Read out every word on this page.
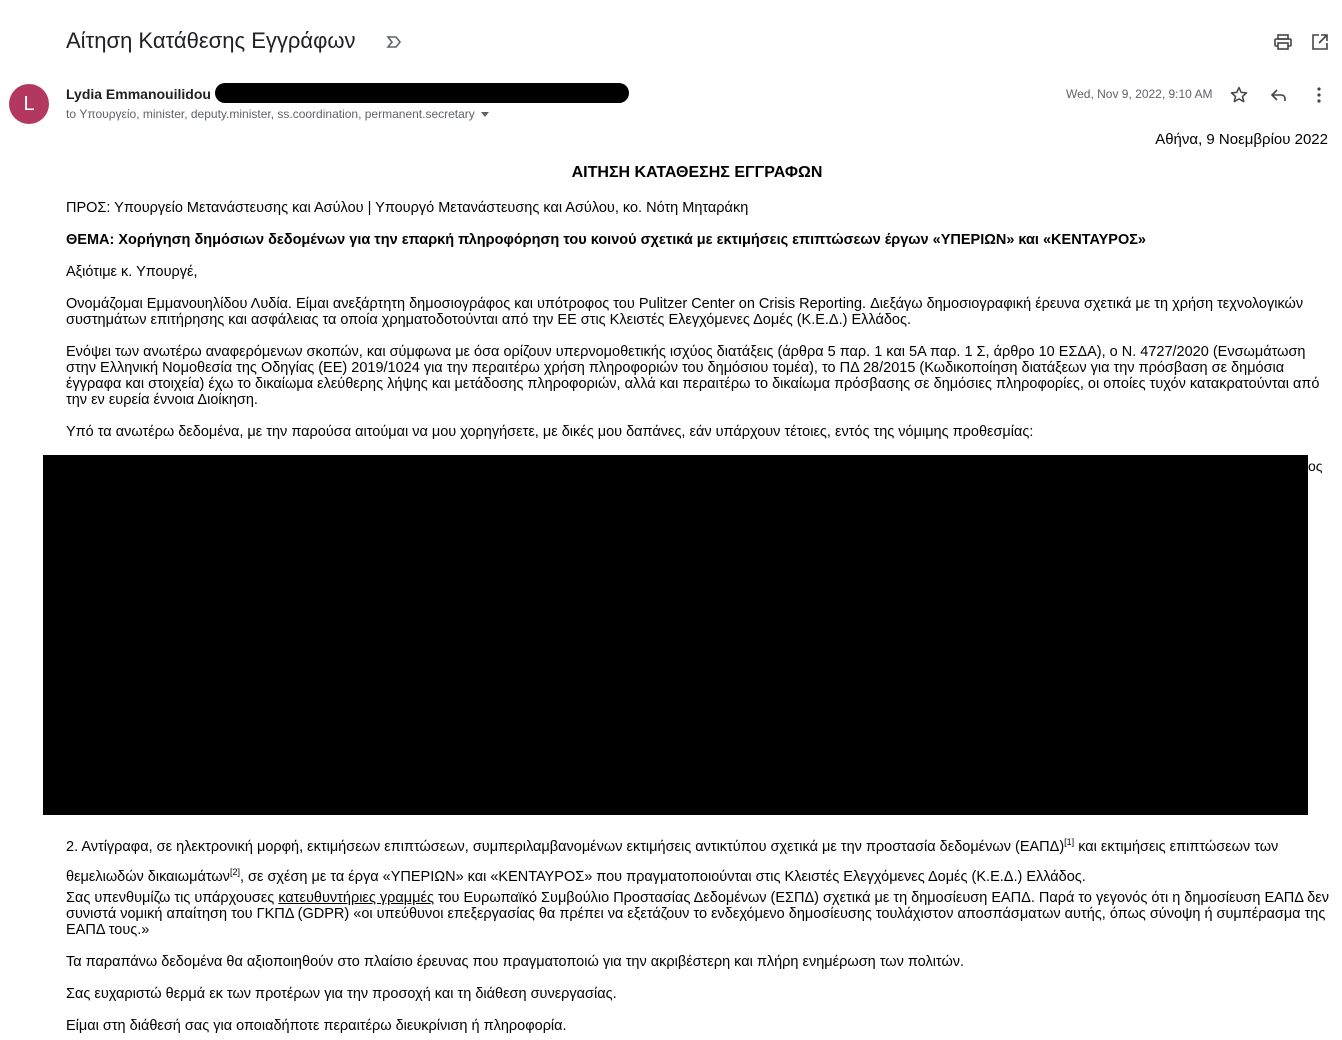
Αίτηση Κατάθεσης Εγγράφων
L	Lydia Emmanouilidou
to Υπουργείο, minister, deputy.minister, ss.coordination, permanent.secretary
Wed, Nov 9, 2022, 9:10 AM
Αθήνα, 9 Νοεμβρίου 2022
ΑΙΤΗΣΗ ΚΑΤΑΘΕΣΗΣ ΕΓΓΡΑΦΩΝ
ΠΡΟΣ: Υπουργείο Μετανάστευσης και Ασύλου | Υπουργό Μετανάστευσης και Ασύλου, κο. Νότη Μηταράκη
ΘΕΜΑ: Χορήγηση δημόσιων δεδομένων για την επαρκή πληροφόρηση του κοινού σχετικά με εκτιμήσεις επιπτώσεων έργων «ΥΠΕΡΙΩΝ» και «ΚΕΝΤΑΥΡΟΣ»
Αξιότιμε κ. Υπουργέ,
Ονομάζομαι Εμμανουηλίδου Λυδία. Είμαι ανεξάρτητη δημοσιογράφος και υπότροφος του Pulitzer Center on Crisis Reporting. Διεξάγω δημοσιογραφική έρευνα σχετικά με τη χρήση τεχνολογικών συστημάτων επιτήρησης και ασφάλειας τα οποία χρηματοδοτούνται από την ΕΕ στις Κλειστές Ελεγχόμενες Δομές (Κ.Ε.Δ.) Ελλάδος.
Ενόψει των ανωτέρω αναφερόμενων σκοπών, και σύμφωνα με όσα ορίζουν υπερνομοθετικής ισχύος διατάξεις (άρθρα 5 παρ. 1 και 5Α παρ. 1 Σ, άρθρο 10 ΕΣΔΑ), ο Ν. 4727/2020 (Ενσωμάτωση στην Ελληνική Νομοθεσία της Οδηγίας (ΕΕ) 2019/1024 για την περαιτέρω χρήση πληροφοριών του δημόσιου τομέα), το ΠΔ 28/2015 (Κωδικοποίηση διατάξεων για την πρόσβαση σε δημόσια έγγραφα και στοιχεία) έχω το δικαίωμα ελεύθερης λήψης και μετάδοσης πληροφοριών, αλλά και περαιτέρω το δικαίωμα πρόσβασης σε δημόσιες πληροφορίες, οι οποίες τυχόν κατακρατούνται από την εν ευρεία έννοια Διοίκηση.
Υπό τα ανωτέρω δεδομένα, με την παρούσα αιτούμαι να μου χορηγήσετε, με δικές μου δαπάνες, εάν υπάρχουν τέτοιες, εντός της νόμιμης προθεσμίας:
ος
2. Αντίγραφα, σε ηλεκτρονική μορφή, εκτιμήσεων επιπτώσεων, συμπεριλαμβανομένων εκτιμήσεις αντικτύπου σχετικά με την προστασία δεδομένων (ΕΑΠΔ)[1] και εκτιμήσεις επιπτώσεων των θεμελιωδών δικαιωμάτων[2], σε σχέση με τα έργα «ΥΠΕΡΙΩΝ» και «ΚΕΝΤΑΥΡΟΣ» που πραγματοποιούνται στις Κλειστές Ελεγχόμενες Δομές (Κ.Ε.Δ.) Ελλάδος.
Σας υπενθυμίζω τις υπάρχουσες κατευθυντήριες γραμμές του Ευρωπαϊκό Συμβούλιο Προστασίας Δεδομένων (ΕΣΠΔ) σχετικά με τη δημοσίευση ΕΑΠΔ. Παρά το γεγονός ότι η δημοσίευση ΕΑΠΔ δεν συνιστά νομική απαίτηση του ΓΚΠΔ (GDPR) «οι υπεύθυνοι επεξεργασίας θα πρέπει να εξετάζουν το ενδεχόμενο δημοσίευσης τουλάχιστον αποσπάσματων αυτής, όπως σύνοψη ή συμπέρασμα της ΕΑΠΔ τους.»
Τα παραπάνω δεδομένα θα αξιοποιηθούν στο πλαίσιο έρευνας που πραγματοποιώ για την ακριβέστερη και πλήρη ενημέρωση των πολιτών.
Σας ευχαριστώ θερμά εκ των προτέρων για την προσοχή και τη διάθεση συνεργασίας.
Είμαι στη διάθεσή σας για οποιαδήποτε περαιτέρω διευκρίνιση ή πληροφορία.
